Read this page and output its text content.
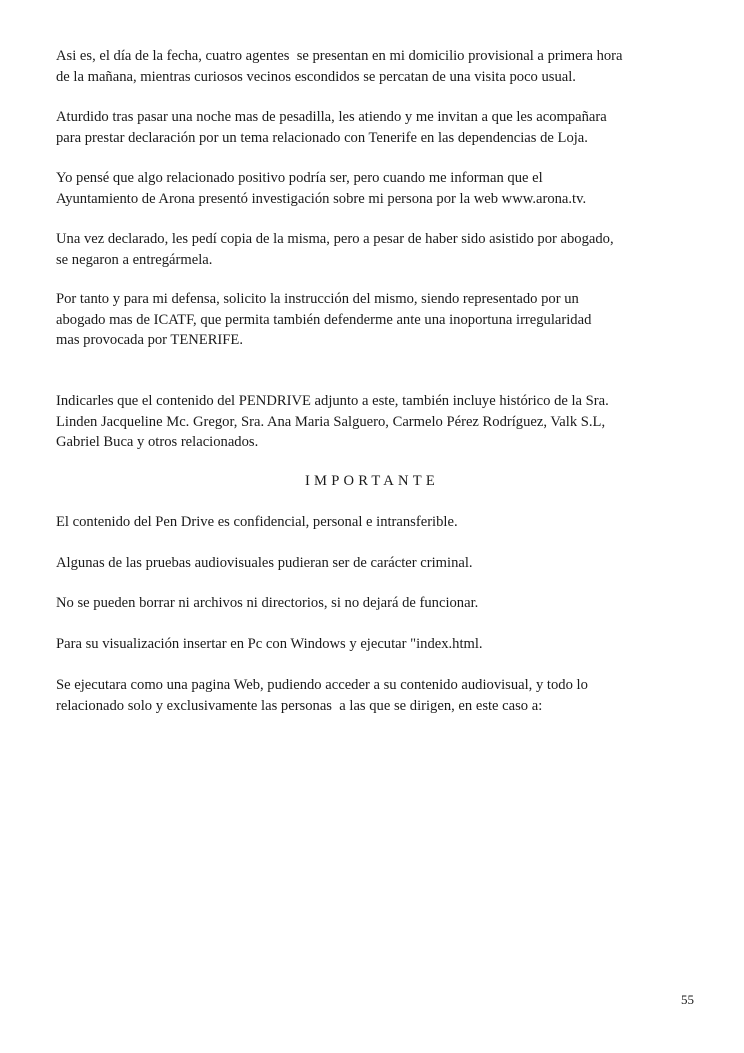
Asi es, el día de la fecha, cuatro agentes  se presentan en mi domicilio provisional a primera hora
de la mañana, mientras curiosos vecinos escondidos se percatan de una visita poco usual.
Aturdido tras pasar una noche mas de pesadilla, les atiendo y me invitan a que les acompañara
para prestar declaración por un tema relacionado con Tenerife en las dependencias de Loja.
Yo pensé que algo relacionado positivo podría ser, pero cuando me informan que el
Ayuntamiento de Arona presentó investigación sobre mi persona por la web www.arona.tv.
Una vez declarado, les pedí copia de la misma, pero a pesar de haber sido asistido por abogado,
se negaron a entregármela.
Por tanto y para mi defensa, solicito la instrucción del mismo, siendo representado por un
abogado mas de ICATF, que permita también defenderme ante una inoportuna irregularidad
mas provocada por TENERIFE.
Indicarles que el contenido del PENDRIVE adjunto a este, también incluye histórico de la Sra.
Linden Jacqueline Mc. Gregor, Sra. Ana Maria Salguero, Carmelo Pérez Rodríguez, Valk S.L,
Gabriel Buca y otros relacionados.
IMPORTANTE
El contenido del Pen Drive es confidencial, personal e intransferible.
Algunas de las pruebas audiovisuales pudieran ser de carácter criminal.
No se pueden borrar ni archivos ni directorios, si no dejará de funcionar.
Para su visualización insertar en Pc con Windows y ejecutar "index.html.
Se ejecutara como una pagina Web, pudiendo acceder a su contenido audiovisual, y todo lo
relacionado solo y exclusivamente las personas  a las que se dirigen, en este caso a:
55
